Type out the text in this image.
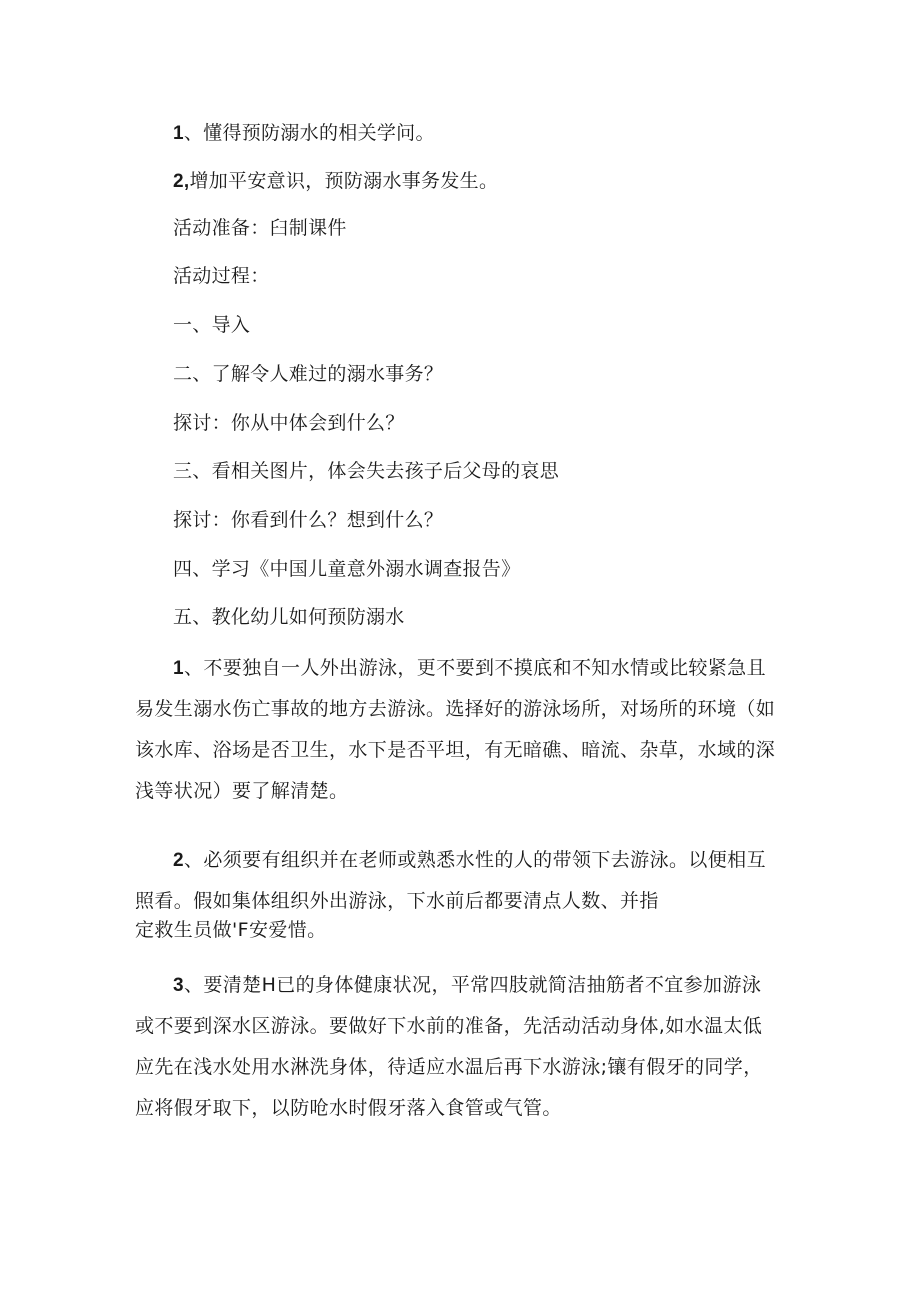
1、懂得预防溺水的相关学问。
2,增加平安意识，预防溺水事务发生。
活动准备：臼制课件
活动过程：
一、导入
二、了解令人难过的溺水事务？
探讨：你从中体会到什么？
三、看相关图片，体会失去孩子后父母的哀思
探讨：你看到什么？想到什么？
四、学习《中国儿童意外溺水调查报告》
五、教化幼儿如何预防溺水
1、不要独自一人外出游泳，更不要到不摸底和不知水情或比较紧急且
易发生溺水伤亡事故的地方去游泳。选择好的游泳场所，对场所的环境（如
该水库、浴场是否卫生，水下是否平坦，有无暗礁、暗流、杂草，水域的深
浅等状况）要了解清楚。
2、必须要有组织并在老师或熟悉水性的人的带领下去游泳。以便相互
照看。假如集体组织外出游泳，下水前后都要清点人数、并指
定救生员做'F安爱惜。
3、要清楚H已的身体健康状况，平常四肢就简洁抽筋者不宜参加游泳
或不要到深水区游泳。要做好下水前的准备，先活动活动身体,如水温太低
应先在浅水处用水淋洗身体，待适应水温后再下水游泳;镶有假牙的同学，
应将假牙取下，以防呛水时假牙落入食管或气管。
